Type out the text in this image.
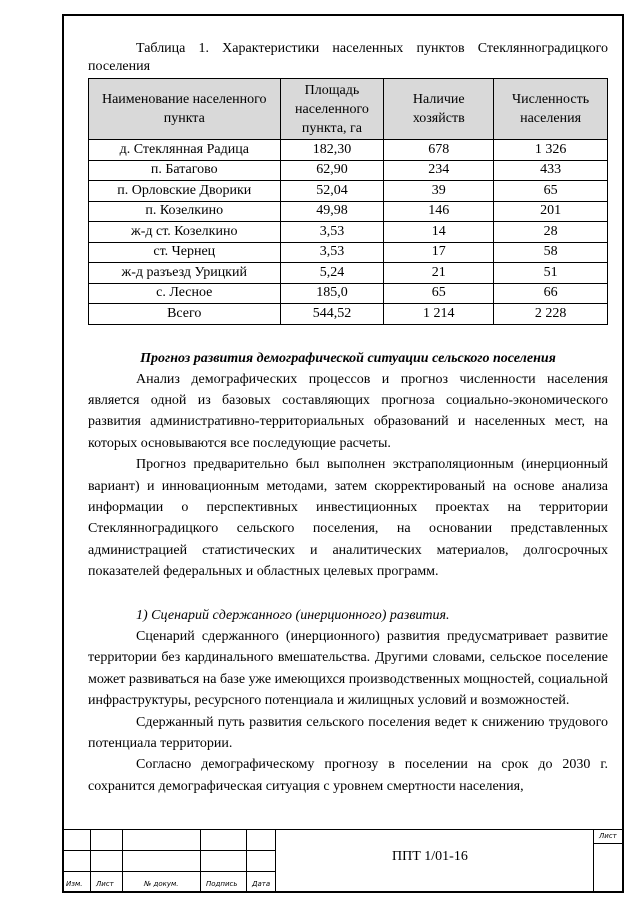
Таблица 1. Характеристики населенных пунктов Стеклянноградицкого поселения

Наименование населенного пункта	Площадь населенного пункта, га	Наличие хозяйств	Численность населения
д. Стеклянная Радица	182,30	678	1 326
п. Батагово	62,90	234	433
п. Орловские Дворики	52,04	39	65
п. Козелкино	49,98	146	201
ж-д ст. Козелкино	3,53	14	28
ст. Чернец	3,53	17	58
ж-д разъезд Урицкий	5,24	21	51
с. Лесное	185,0	65	66
Всего	544,52	1 214	2 228

Прогноз развития демографической ситуации сельского поселения

Анализ демографических процессов и прогноз численности населения является одной из базовых составляющих прогноза социально-экономического развития административно-территориальных образований и населенных мест, на которых основываются все последующие расчеты.

Прогноз предварительно был выполнен экстраполяционным (инерционный вариант) и инновационным методами, затем скорректированый на основе анализа информации о перспективных инвестиционных проектах на территории Стеклянноградицкого сельского поселения, на основании представленных администрацией статистических и аналитических материалов, долгосрочных показателей федеральных и областных целевых программ.

1) Сценарий сдержанного (инерционного) развития.

Сценарий сдержанного (инерционного) развития предусматривает развитие территории без кардинального вмешательства. Другими словами, сельское поселение может развиваться на базе уже имеющихся производственных мощностей, социальной инфраструктуры, ресурсного потенциала и жилищных условий и возможностей.

Сдержанный путь развития сельского поселения ведет к снижению трудового потенциала территории.

Согласно демографическому прогнозу в поселении на срок до 2030 г. сохранится демографическая ситуация с уровнем смертности населения,

Изм. Лист	№ докум.	Подпись Дата
Лист
ППТ 1/01-16
